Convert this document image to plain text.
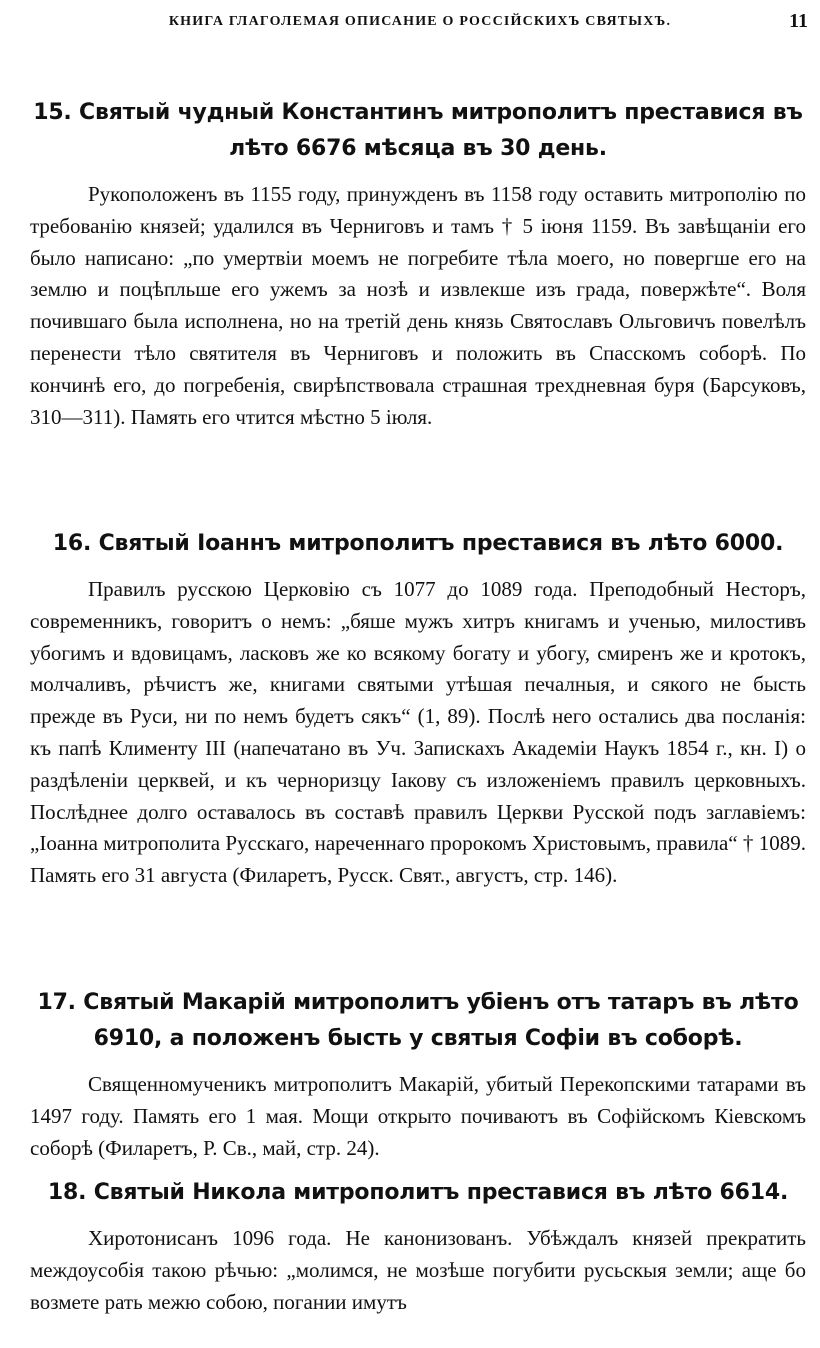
КНИГА ГЛАГОЛЕМАЯ ОПИСАНИЕ О РОССІЙСКИХЪ СВЯТЫХЪ.	11
15. Святый чудный Константинъ митрополитъ преставися въ лѣто 6676 мѣсяца въ 30 день.

Рукоположенъ въ 1155 году, принужденъ въ 1158 году оставить митрополію по требованію князей; удалился въ Черниговъ и тамъ † 5 іюня 1159. Въ завѣщаніи его было написано: „по умертвіи моемъ не погребите тѣла моего, но повергше его на землю и поцѣпльше его ужемъ за нозѣ и извлекше изъ града, повержѣте“. Воля почившаго была исполнена, но на третій день князь Святославъ Ольговичъ повелѣлъ перенести тѣло святителя въ Черниговъ и положить въ Спасскомъ соборѣ. По кончинѣ его, до погребенія, свирѣпствовала страшная трехдневная буря (Барсуковъ, 310—311). Память его чтится мѣстно 5 іюля.

16. Святый Іоаннъ митрополитъ преставися въ лѣто 6000.

Правилъ русскою Церковію съ 1077 до 1089 года. Преподобный Несторъ, современникъ, говоритъ о немъ: „бяше мужъ хитръ книгамъ и ученью, милостивъ убогимъ и вдовицамъ, ласковъ же ко всякому богату и убогу, смиренъ же и кротокъ, молчаливъ, рѣчистъ же, книгами святыми утѣшая печалныя, и сякого не бысть прежде въ Руси, ни по немъ будетъ сякъ“ (1, 89). Послѣ него остались два посланія: къ папѣ Клименту III (напечатано въ Уч. Запискахъ Академіи Наукъ 1854 г., кн. I) о раздѣленіи церквей, и къ черноризцу Іакову съ изложеніемъ правилъ церковныхъ. Послѣднее долго оставалось въ составѣ правилъ Церкви Русской подъ заглавіемъ: „Іоанна митрополита Русскаго, нареченнаго пророкомъ Христовымъ, правила“ † 1089. Память его 31 августа (Филаретъ, Русск. Свят., августъ, стр. 146).

17. Святый Макарій митрополитъ убіенъ отъ татаръ въ лѣто 6910, а положенъ бысть у святыя Софіи въ соборѣ.

Священномученикъ митрополитъ Макарій, убитый Перекопскими татарами въ 1497 году. Память его 1 мая. Мощи открыто почиваютъ въ Софійскомъ Кіевскомъ соборѣ (Филаретъ, Р. Св., май, стр. 24).

18. Святый Никола митрополитъ преставися въ лѣто 6614.

Хиротонисанъ 1096 года. Не канонизованъ. Убѣждалъ князей прекратить междоусобія такою рѣчью: „молимся, не мозѣше погубити русьскыя земли; аще бо возмете рать межю собою, погании имутъ
